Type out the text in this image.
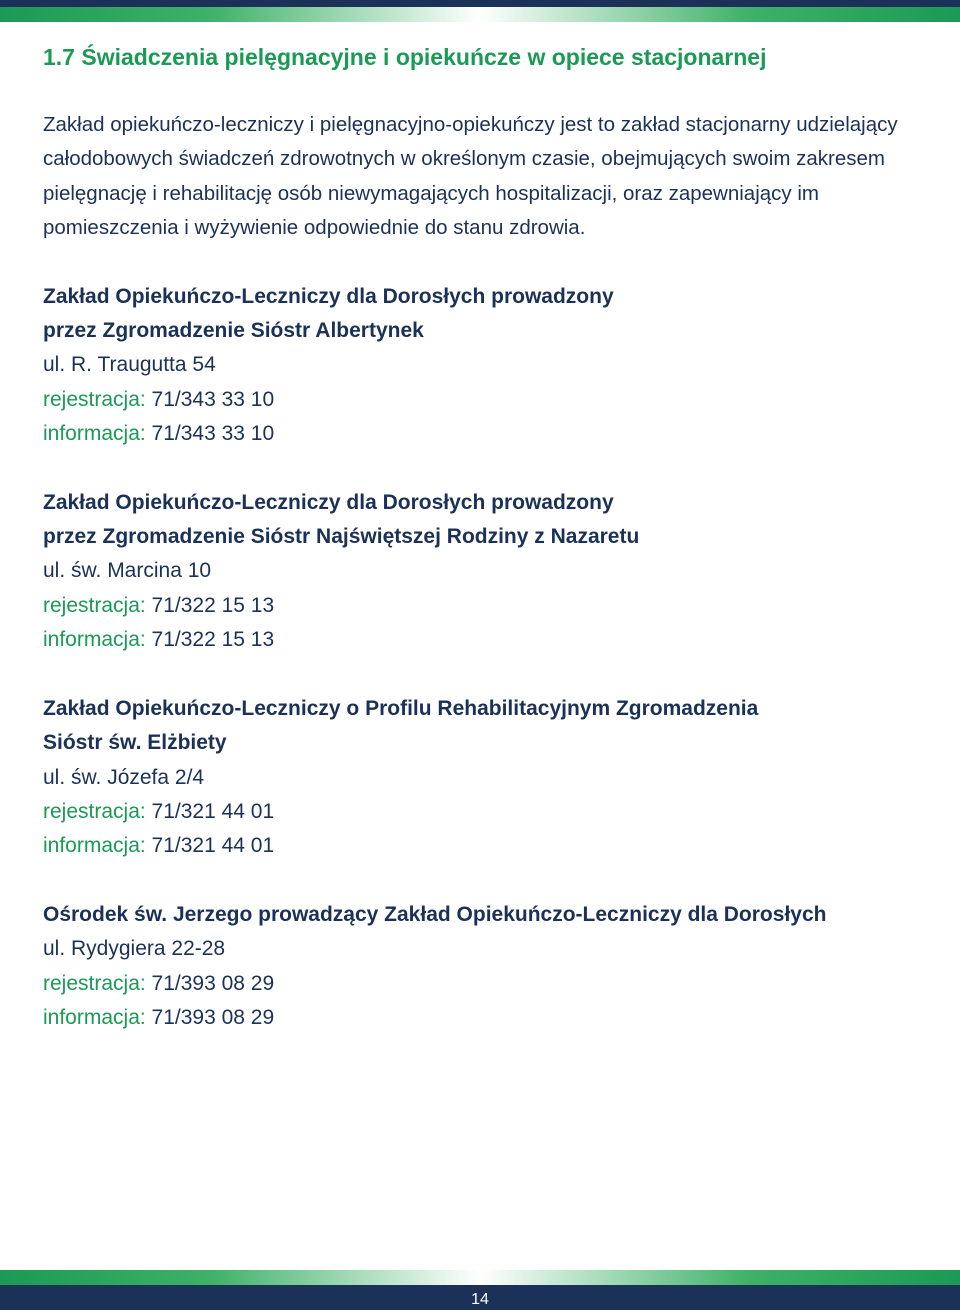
1.7 Świadczenia pielęgnacyjne i opiekuńcze w opiece stacjonarnej

Zakład opiekuńczo-leczniczy i pielęgnacyjno-opiekuńczy jest to zakład stacjonarny udzielający całodobowych świadczeń zdrowotnych w określonym czasie, obejmujących swoim zakresem pielęgnację i rehabilitację osób niewymagających hospitalizacji, oraz zapewniający im pomieszczenia i wyżywienie odpowiednie do stanu zdrowia.

Zakład Opiekuńczo-Leczniczy dla Dorosłych prowadzony
przez Zgromadzenie Sióstr Albertynek
ul. R. Traugutta 54
rejestracja: 71/343 33 10
informacja: 71/343 33 10
Zakład Opiekuńczo-Leczniczy dla Dorosłych prowadzony
przez Zgromadzenie Sióstr Najświętszej Rodziny z Nazaretu
ul. św. Marcina 10
rejestracja: 71/322 15 13
informacja: 71/322 15 13
Zakład Opiekuńczo-Leczniczy o Profilu Rehabilitacyjnym Zgromadzenia
Sióstr św. Elżbiety
ul. św. Józefa 2/4
rejestracja: 71/321 44 01
informacja: 71/321 44 01
Ośrodek św. Jerzego prowadzący Zakład Opiekuńczo-Leczniczy dla Dorosłych
ul. Rydygiera 22-28
rejestracja: 71/393 08 29
informacja: 71/393 08 29
14
